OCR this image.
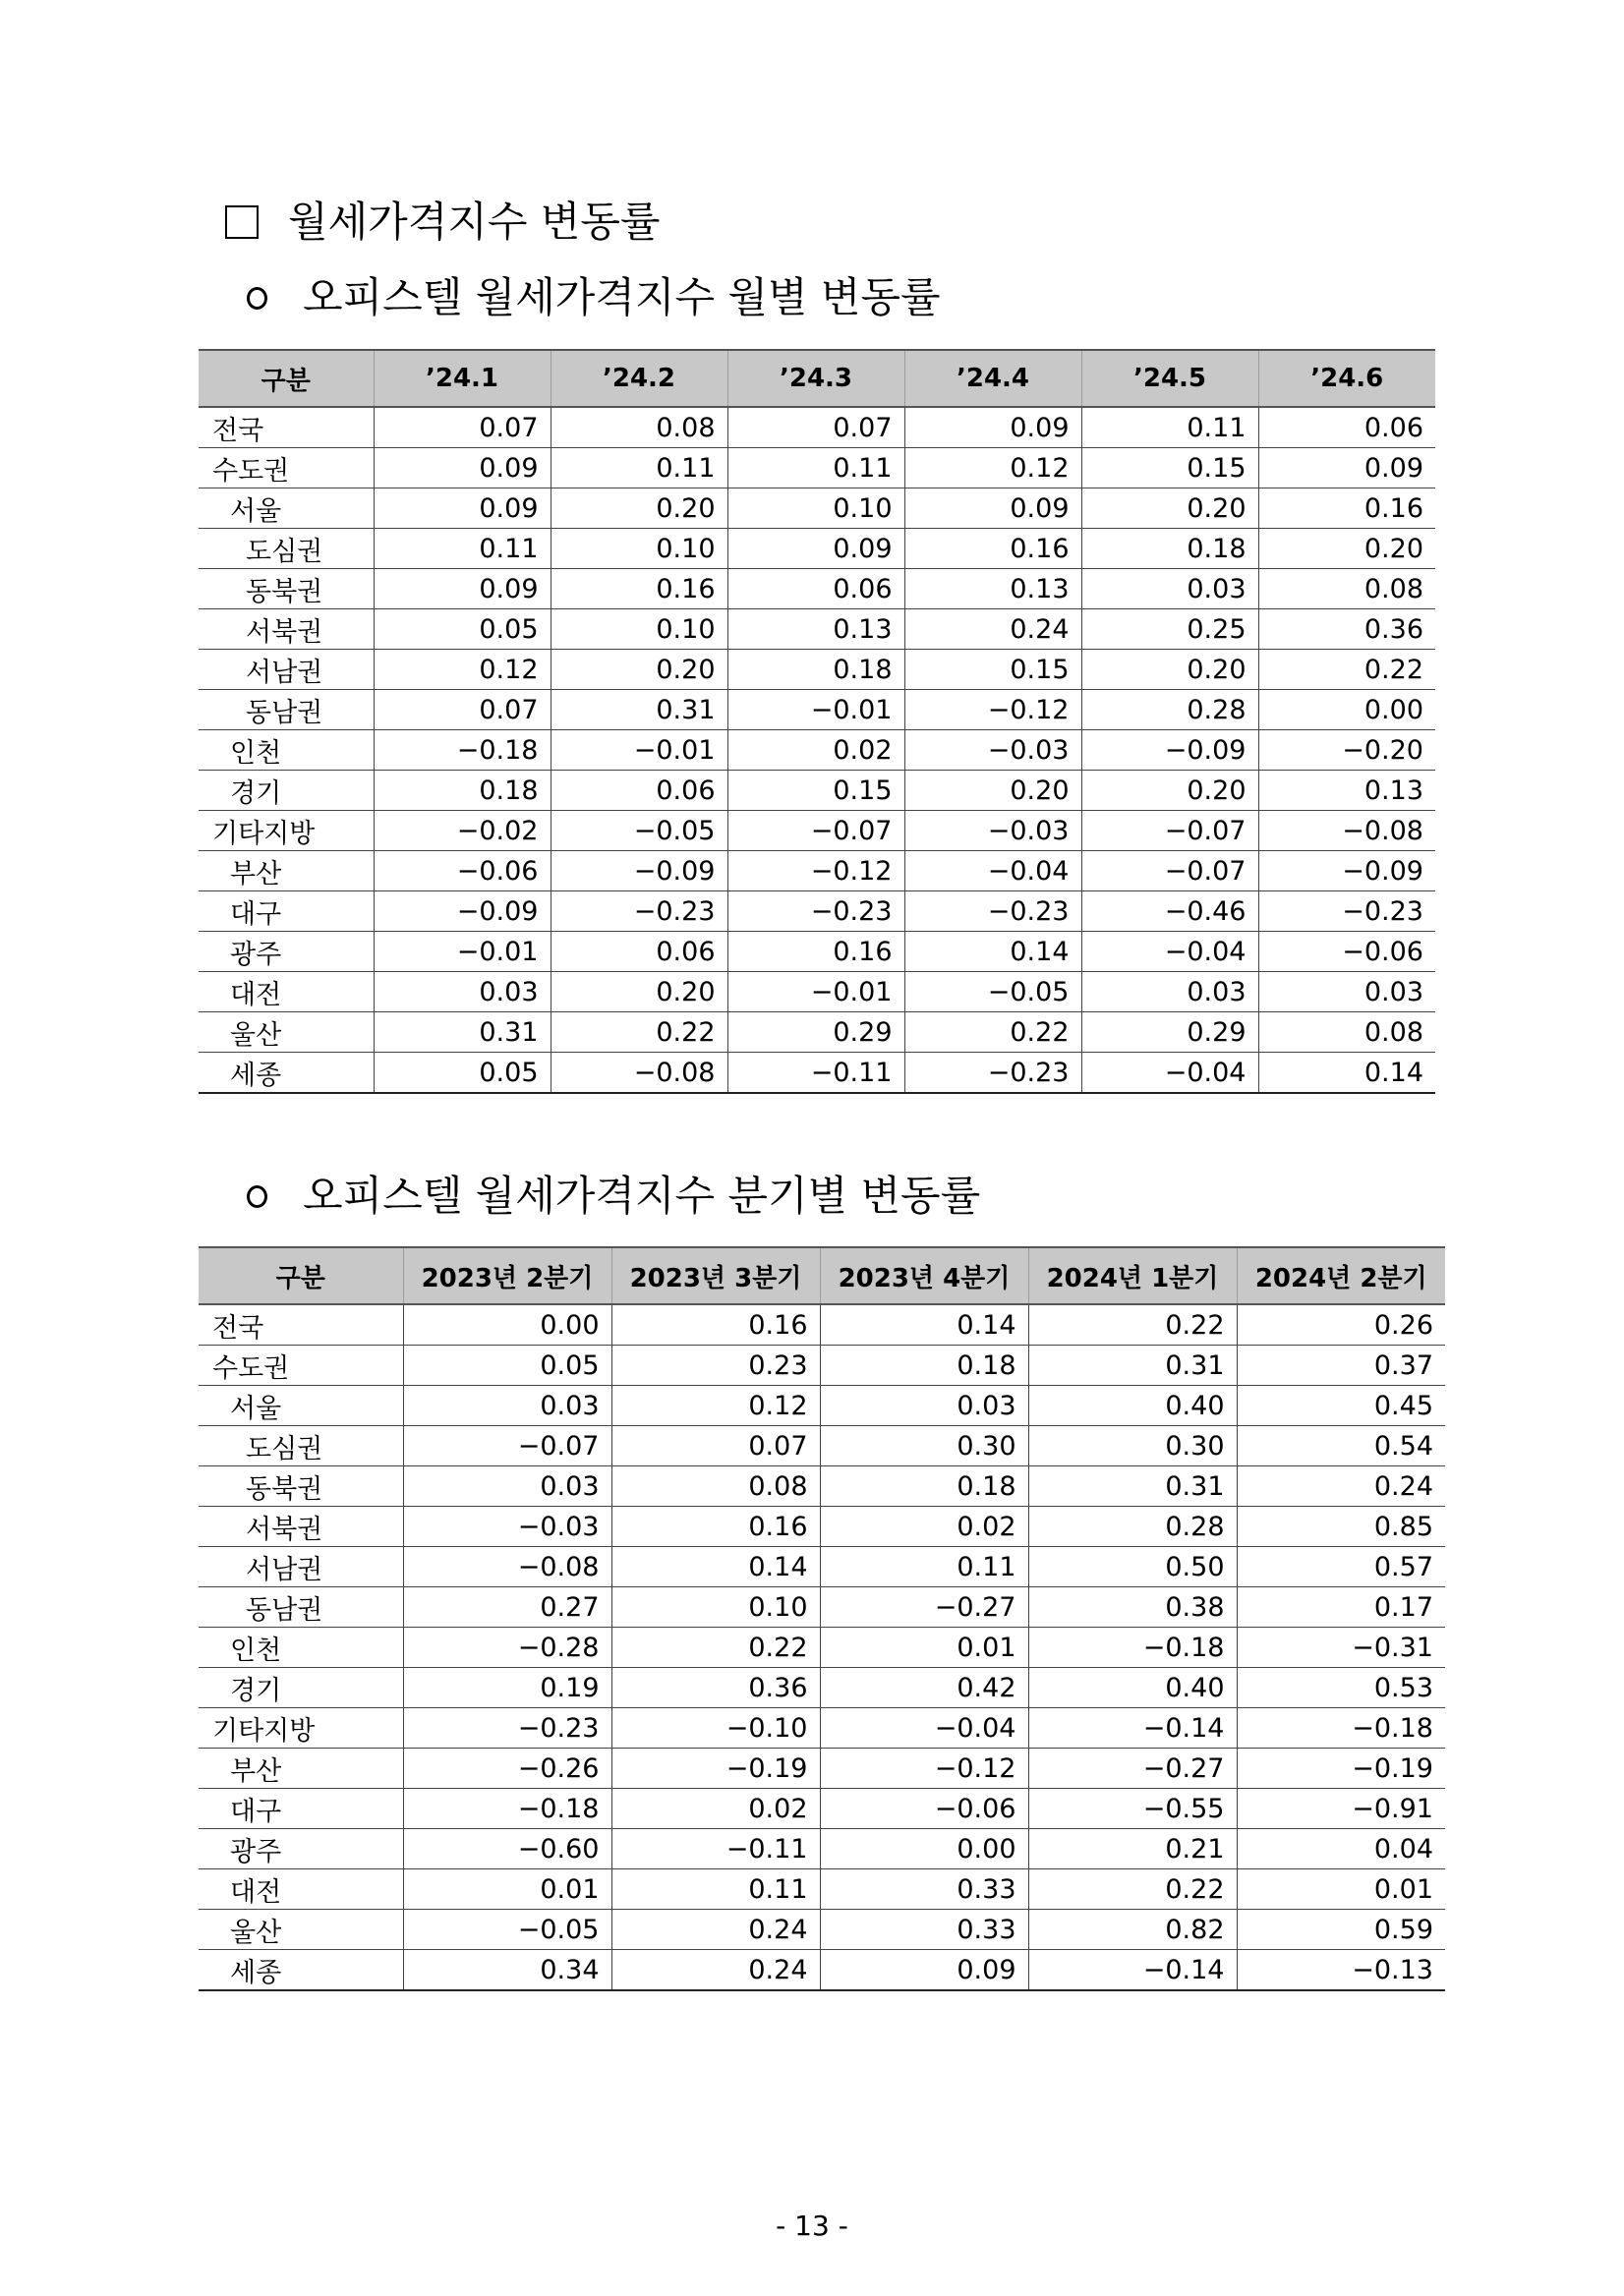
월세가격지수 변동률
오피스텔 월세가격지수 월별 변동률
구분	’24.1	’24.2	’24.3	’24.4	’24.5	’24.6
전국	0.07	0.08	0.07	0.09	0.11	0.06
수도권	0.09	0.11	0.11	0.12	0.15	0.09
서울	0.09	0.20	0.10	0.09	0.20	0.16
도심권	0.11	0.10	0.09	0.16	0.18	0.20
동북권	0.09	0.16	0.06	0.13	0.03	0.08
서북권	0.05	0.10	0.13	0.24	0.25	0.36
서남권	0.12	0.20	0.18	0.15	0.20	0.22
동남권	0.07	0.31	−0.01	−0.12	0.28	0.00
인천	−0.18	−0.01	0.02	−0.03	−0.09	−0.20
경기	0.18	0.06	0.15	0.20	0.20	0.13
기타지방	−0.02	−0.05	−0.07	−0.03	−0.07	−0.08
부산	−0.06	−0.09	−0.12	−0.04	−0.07	−0.09
대구	−0.09	−0.23	−0.23	−0.23	−0.46	−0.23
광주	−0.01	0.06	0.16	0.14	−0.04	−0.06
대전	0.03	0.20	−0.01	−0.05	0.03	0.03
울산	0.31	0.22	0.29	0.22	0.29	0.08
세종	0.05	−0.08	−0.11	−0.23	−0.04	0.14
오피스텔 월세가격지수 분기별 변동률
구분	2023년 2분기	2023년 3분기	2023년 4분기	2024년 1분기	2024년 2분기
전국	0.00	0.16	0.14	0.22	0.26
수도권	0.05	0.23	0.18	0.31	0.37
서울	0.03	0.12	0.03	0.40	0.45
도심권	−0.07	0.07	0.30	0.30	0.54
동북권	0.03	0.08	0.18	0.31	0.24
서북권	−0.03	0.16	0.02	0.28	0.85
서남권	−0.08	0.14	0.11	0.50	0.57
동남권	0.27	0.10	−0.27	0.38	0.17
인천	−0.28	0.22	0.01	−0.18	−0.31
경기	0.19	0.36	0.42	0.40	0.53
기타지방	−0.23	−0.10	−0.04	−0.14	−0.18
부산	−0.26	−0.19	−0.12	−0.27	−0.19
대구	−0.18	0.02	−0.06	−0.55	−0.91
광주	−0.60	−0.11	0.00	0.21	0.04
대전	0.01	0.11	0.33	0.22	0.01
울산	−0.05	0.24	0.33	0.82	0.59
세종	0.34	0.24	0.09	−0.14	−0.13
- 13 -
